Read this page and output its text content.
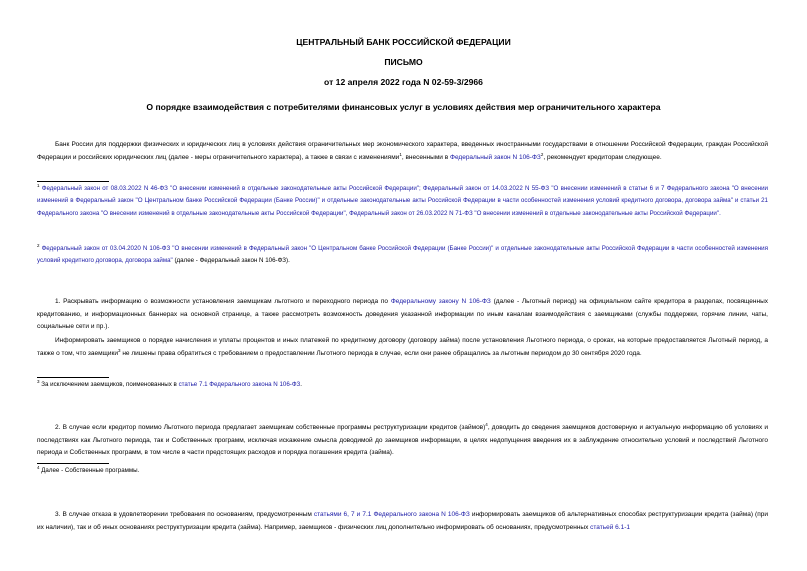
ЦЕНТРАЛЬНЫЙ БАНК РОССИЙСКОЙ ФЕДЕРАЦИИ
ПИСЬМО
от 12 апреля 2022 года N 02-59-3/2966
О порядке взаимодействия с потребителями финансовых услуг в условиях действия мер ограничительного характера

Банк России для поддержки физических и юридических лиц в условиях действия ограничительных мер экономического характера, введенных иностранными государствами в отношении Российской Федерации, граждан Российской Федерации и российских юридических лиц (далее - меры ограничительного характера), а также в связи с изменениями$^1$, внесенными в Федеральный закон N $106-ФЗ^2$, рекомендует кредиторам следующее.

$^1$ Федеральный закон от 08.03.2022 N 46-ФЗ "О внесении изменений в отдельные законодательные акты Российской Федерации"; Федеральный закон от 14.03.2022 N 55-ФЗ "О внесении изменений в статьи 6 и 7 Федерального закона "О внесении изменений в Федеральный закон "О Центральном банке Российской Федерации (Банке России)" и отдельные законодательные акты Российской Федерации в части особенностей изменения условий кредитного договора, договора займа" и статьи 21 Федерального закона "О внесении изменений в отдельные законодательные акты Российской Федерации", Федеральный закон от 26.03.2022 N 71-ФЗ "О внесении изменений в отдельные законодательные акты Российской Федерации".

$^2$ Федеральный закон от 03.04.2020 N 106-ФЗ "О внесении изменений в Федеральный закон "О Центральном банке Российской Федерации (Банке России)" и отдельные законодательные акты Российской Федерации в части особенностей изменения условий кредитного договора, договора займа" (далее - Федеральный закон N 106-ФЗ).

1. Раскрывать информацию о возможности установления заемщикам льготного и переходного периода по Федеральному закону N 106-ФЗ (далее - Льготный период) на официальном сайте кредитора в разделах, посвященных кредитованию, и информационных баннерах на основной странице, а также рассмотреть возможность доведения указанной информации по иным каналам взаимодействия с заемщиками (службы поддержки, горячие линии, чаты, социальные сети и пр.).

Информировать заемщиков о порядке начисления и уплаты процентов и иных платежей по кредитному договору (договору займа) после установления Льготного периода, о сроках, на которые предоставляется Льготный период, а также о том, что заемщики$^3$ не лишены права обратиться с требованием о предоставлении Льготного периода в случае, если они ранее обращались за льготным периодом до 30 сентября 2020 года.

$^3$ За исключением заемщиков, поименованных в статье 7.1 Федерального закона N 106-ФЗ.

2. В случае если кредитор помимо Льготного периода предлагает заемщикам собственные программы реструктуризации кредитов (займов)$^4$, доводить до сведения заемщиков достоверную и актуальную информацию об условиях и последствиях как Льготного периода, так и Собственных программ, исключая искажение смысла доводимой до заемщиков информации, в целях недопущения введения их в заблуждение относительно условий и последствий Льготного периода и Собственных программ, в том числе в части предстоящих расходов и порядка погашения кредита (займа).

$^4$ Далее - Собственные программы.

3. В случае отказа в удовлетворении требования по основаниям, предусмотренным статьями 6, 7 и 7.1 Федерального закона N 106-ФЗ информировать заемщиков об альтернативных способах реструктуризации кредита (займа) (при их наличии), так и об иных основаниях реструктуризации кредита (займа). Например, заемщиков - физических лиц дополнительно информировать об основаниях, предусмотренных статьей 6.1-1
